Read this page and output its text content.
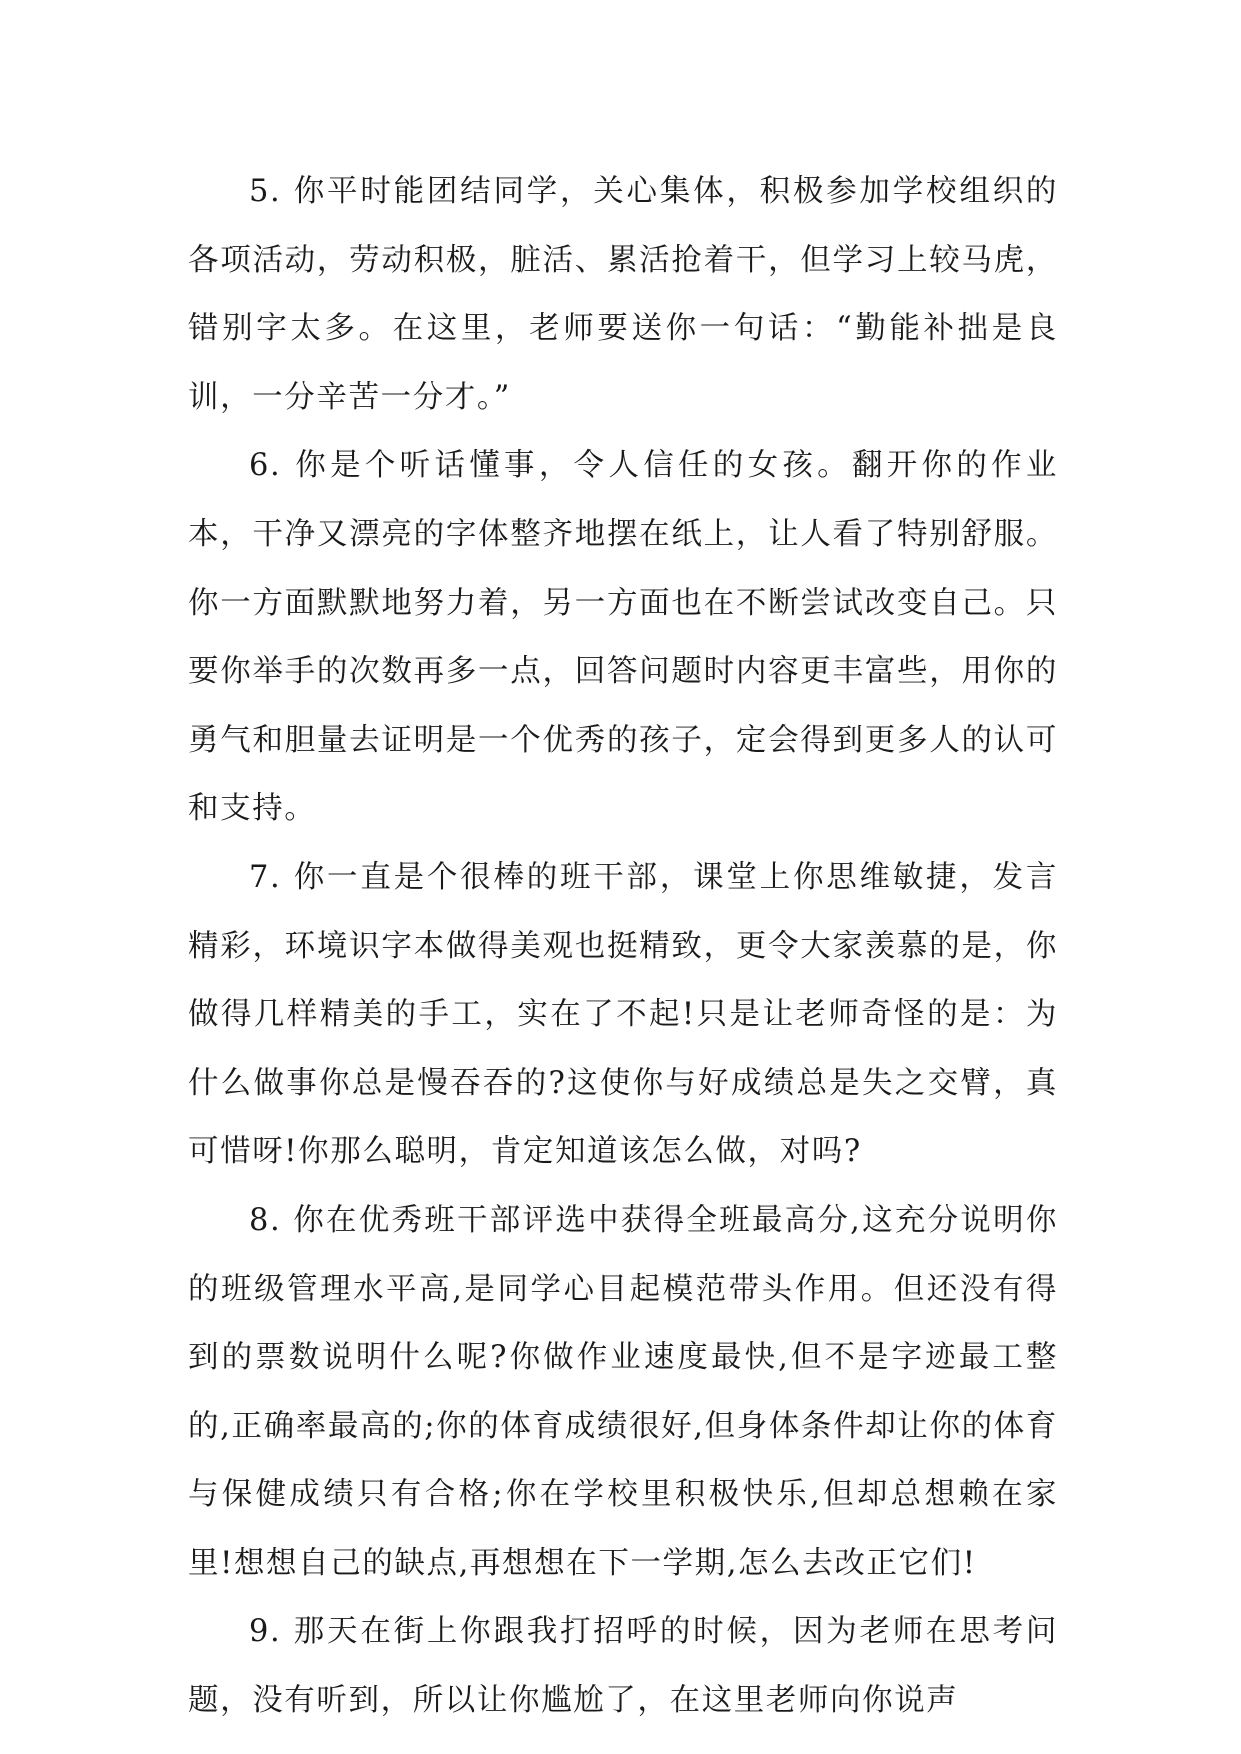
5. 你平时能团结同学，关心集体，积极参加学校组织的各项活动，劳动积极，脏活、累活抢着干，但学习上较马虎，错别字太多。在这里，老师要送你一句话：“勤能补拙是良训，一分辛苦一分才。”

6. 你是个听话懂事，令人信任的女孩。翻开你的作业本，干净又漂亮的字体整齐地摆在纸上，让人看了特别舒服。你一方面默默地努力着，另一方面也在不断尝试改变自己。只要你举手的次数再多一点，回答问题时内容更丰富些，用你的勇气和胆量去证明是一个优秀的孩子，定会得到更多人的认可和支持。

7. 你一直是个很棒的班干部，课堂上你思维敏捷，发言精彩，环境识字本做得美观也挺精致，更令大家羡慕的是，你做得几样精美的手工，实在了不起!只是让老师奇怪的是：为什么做事你总是慢吞吞的?这使你与好成绩总是失之交臂，真可惜呀!你那么聪明，肯定知道该怎么做，对吗?

8. 你在优秀班干部评选中获得全班最高分,这充分说明你的班级管理水平高,是同学心目起模范带头作用。但还没有得到的票数说明什么呢?你做作业速度最快,但不是字迹最工整的,正确率最高的;你的体育成绩很好,但身体条件却让你的体育与保健成绩只有合格;你在学校里积极快乐,但却总想赖在家里!想想自己的缺点,再想想在下一学期,怎么去改正它们!

9. 那天在街上你跟我打招呼的时候，因为老师在思考问题，没有听到，所以让你尴尬了，在这里老师向你说声
